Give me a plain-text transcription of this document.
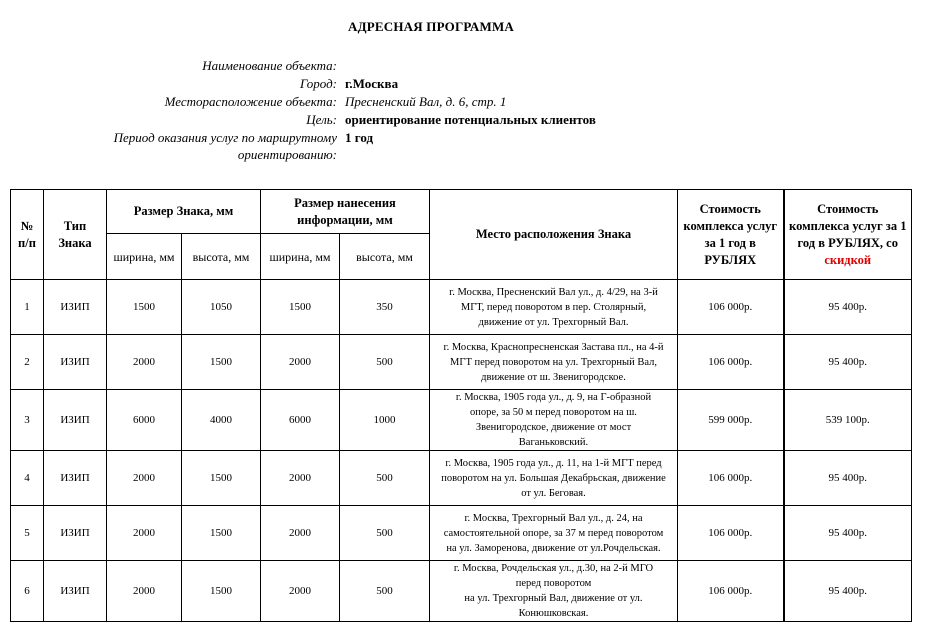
АДРЕСНАЯ ПРОГРАММА
Наименование объекта:
Город: г.Москва
Месторасположение объекта: Пресненский Вал, д. 6, стр. 1
Цель: ориентирование потенциальных клиентов
Период оказания услуг по маршрутному
ориентированию:
1 год
№ п/п	Тип Знака	Размер Знака, мм		Размер нанесения информации, мм		Место расположения Знака	Стоимость комплекса услуг за 1 год в РУБЛЯХ	Стоимость комплекса услуг за 1 год в РУБЛЯХ, со скидкой
		ширина, мм	высота, мм	ширина, мм	высота, мм			
1	ИЗИП	1500	1050	1500	350	г. Москва, Пресненский Вал ул., д. 4/29, на 3-й
МГТ, перед поворотом в пер. Столярный,
движение от ул. Трехгорный Вал.	106 000р.	95 400р.
2	ИЗИП	2000	1500	2000	500	г. Москва, Краснопресненская Застава пл., на 4-й
МГТ перед поворотом на ул. Трехгорный Вал,
движение от ш. Звенигородское.	106 000р.	95 400р.
3	ИЗИП	6000	4000	6000	1000	г. Москва, 1905 года ул., д. 9, на Г-образной
опоре, за 50 м перед поворотом на ш.
Звенигородское, движение от мост
Ваганьковский.	599 000р.	539 100р.
4	ИЗИП	2000	1500	2000	500	г. Москва, 1905 года ул., д. 11, на 1-й МГТ перед
поворотом на ул. Большая Декабрьская, движение
от ул. Беговая.	106 000р.	95 400р.
5	ИЗИП	2000	1500	2000	500	г. Москва, Трехгорный Вал ул., д. 24, на
самостоятельной опоре, за 37 м перед поворотом
на ул. Заморенова, движение от ул.Рочдельская.	106 000р.	95 400р.
6	ИЗИП	2000	1500	2000	500	г. Москва, Рочдельская ул., д.30, на 2-й МГО
перед поворотом
на ул. Трехгорный Вал, движение от ул.
Конюшковская.	106 000р.	95 400р.
